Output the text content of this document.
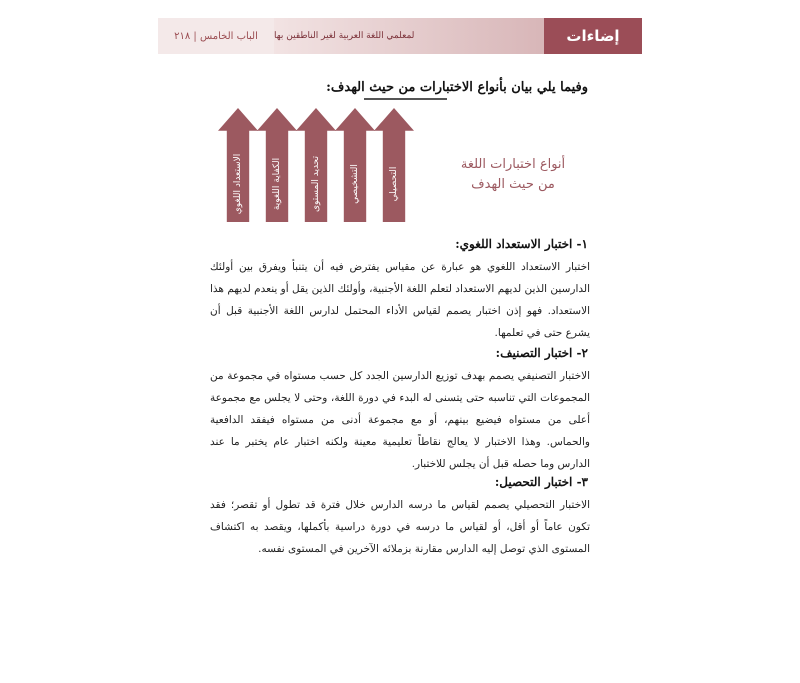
الباب الخامس | ٢١٨	لمعلمي اللغة العربية لغير الناطقين بها	إضاءات
وفيما يلي بيان بأنواع الاختبارات من حيث الهدف:
الاستعداد اللغوي	الكفاية اللغوية	تحديد المستوى	التشخيصي	التحصيلي
أنواع اختبارات اللغة
من حيث الهدف
١- اختبار الاستعداد اللغوي:
اختبار الاستعداد اللغوي هو عبارة عن مقياس يفترض فيه أن يتنبأ ويفرق بين أولئك الدارسين الذين لديهم الاستعداد لتعلم اللغة الأجنبية، وأولئك الذين يقل أو ينعدم لديهم هذا الاستعداد. فهو إذن اختبار يصمم لقياس الأداء المحتمل لدارس اللغة الأجنبية قبل أن يشرع حتى في تعلمها.
٢- اختبار التصنيف:
الاختبار التصنيفي يصمم بهدف توزيع الدارسين الجدد كل حسب مستواه في مجموعة من المجموعات التي تناسبه حتى يتسنى له البدء في دورة اللغة، وحتى لا يجلس مع مجموعة أعلى من مستواه فيضيع بينهم، أو مع مجموعة أدنى من مستواه فيفقد الدافعية والحماس. وهذا الاختبار لا يعالج نقاطاً تعليمية معينة ولكنه اختبار عام يختبر ما عند الدارس وما حصله قبل أن يجلس للاختبار.
٣- اختبار التحصيل:
الاختبار التحصيلي يصمم لقياس ما درسه الدارس خلال فترة قد تطول أو تقصر؛ فقد تكون عاماً أو أقل، أو لقياس ما درسه في دورة دراسية بأكملها، ويقصد به اكتشاف المستوى الذي توصل إليه الدارس مقارنة بزملائه الآخرين في المستوى نفسه.
